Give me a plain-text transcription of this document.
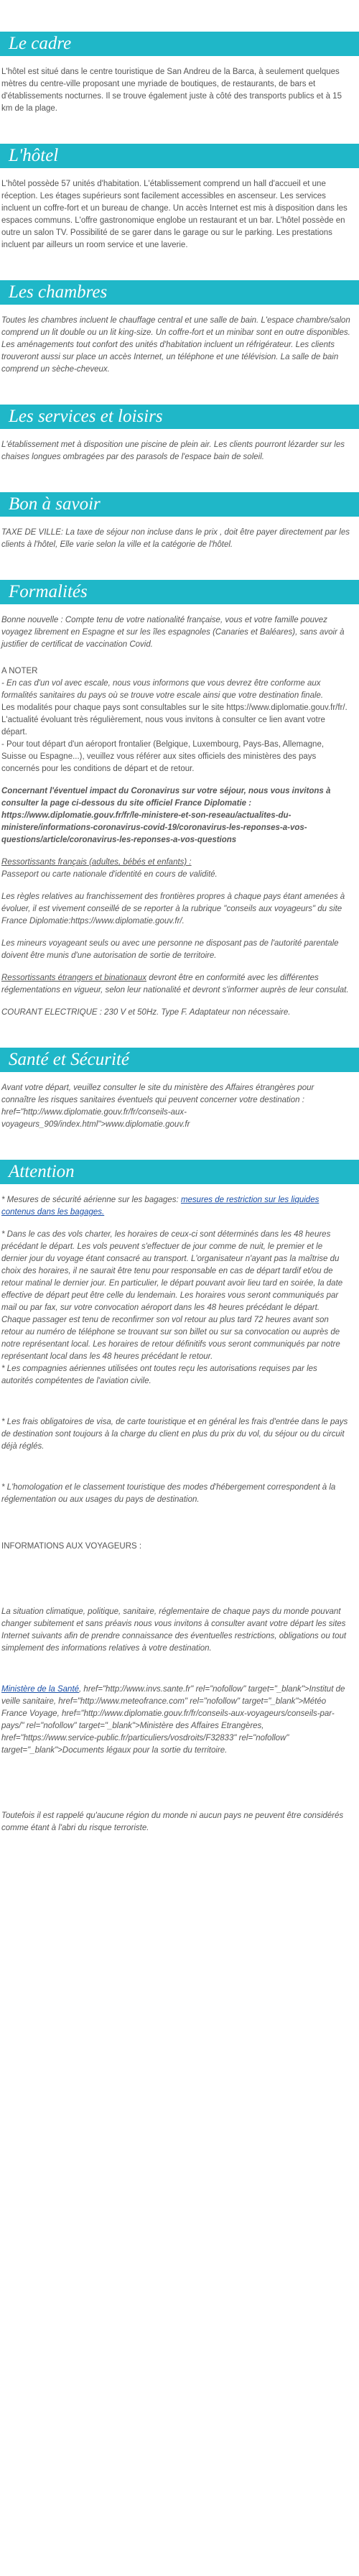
Le cadre

L'hôtel est situé dans le centre touristique de San Andreu de la Barca, à seulement quelques mètres du centre-ville proposant une myriade de boutiques, de restaurants, de bars et d'établissements nocturnes. Il se trouve également juste à côté des transports publics et à 15 km de la plage.

L'hôtel

L'hôtel possède 57 unités d'habitation. L'établissement comprend un hall d'accueil et une réception. Les étages supérieurs sont facilement accessibles en ascenseur. Les services incluent un coffre-fort et un bureau de change. Un accès Internet est mis à disposition dans les espaces communs. L'offre gastronomique englobe un restaurant et un bar. L'hôtel possède en outre un salon TV. Possibilité de se garer dans le garage ou sur le parking. Les prestations incluent par ailleurs un room service et une laverie.

Les chambres

Toutes les chambres incluent le chauffage central et une salle de bain. L'espace chambre/salon comprend un lit double ou un lit king-size. Un coffre-fort et un minibar sont en outre disponibles. Les aménagements tout confort des unités d'habitation incluent un réfrigérateur. Les clients trouveront aussi sur place un accès Internet, un téléphone et une télévision. La salle de bain comprend un sèche-cheveux.

Les services et loisirs

L'établissement met à disposition une piscine de plein air. Les clients pourront lézarder sur les chaises longues ombragées par des parasols de l'espace bain de soleil.

Bon à savoir

TAXE DE VILLE: La taxe de séjour non incluse dans le prix , doit être payer directement par les clients à l'hôtel, Elle varie selon la ville et la catégorie de l'hôtel.

Formalités

Bonne nouvelle : Compte tenu de votre nationalité française, vous et votre famille pouvez voyagez librement en Espagne et sur les îles espagnoles (Canaries et Baléares), sans avoir à justifier de certificat de vaccination Covid.

A NOTER
- En cas d'un vol avec escale, nous vous informons que vous devrez être conforme aux formalités sanitaires du pays où se trouve votre escale ainsi que votre destination finale.
Les modalités pour chaque pays sont consultables sur le site https://www.diplomatie.gouv.fr/fr/. L'actualité évoluant très régulièrement, nous vous invitons à consulter ce lien avant votre départ.

- Pour tout départ d'un aéroport frontalier (Belgique, Luxembourg, Pays-Bas, Allemagne, Suisse ou Espagne...), veuillez vous référer aux sites officiels des ministères des pays concernés pour les conditions de départ et de retour.

Concernant l'éventuel impact du Coronavirus sur votre séjour, nous vous invitons à consulter la page ci-dessous du site officiel France Diplomatie : https://www.diplomatie.gouv.fr/fr/le-ministere-et-son-reseau/actualites-du-ministere/informations-coronavirus-covid-19/coronavirus-les-reponses-a-vos-questions/article/coronavirus-les-reponses-a-vos-questions

Ressortissants français (adultes, bébés et enfants) :

Passeport ou carte nationale d'identité en cours de validité.

Les règles relatives au franchissement des frontières propres à chaque pays étant amenées à évoluer, il est vivement conseillé de se reporter à la rubrique "conseils aux voyageurs" du site France Diplomatie:https://www.diplomatie.gouv.fr/.

Les mineurs voyageant seuls ou avec une personne ne disposant pas de l'autorité parentale doivent être munis d'une autorisation de sortie de territoire.

Ressortissants étrangers et binationaux devront être en conformité avec les différentes réglementations en vigueur, selon leur nationalité et devront s'informer auprès de leur consulat.

COURANT ELECTRIQUE : 230 V et 50Hz. Type F. Adaptateur non nécessaire.

Santé et Sécurité

Avant votre départ, veuillez consulter le site du ministère des Affaires étrangères pour connaître les risques sanitaires éventuels qui peuvent concerner votre destination : href="http://www.diplomatie.gouv.fr/fr/conseils-aux-voyageurs_909/index.html">www.diplomatie.gouv.fr

Attention

* Mesures de sécurité aérienne sur les bagages: mesures de restriction sur les liquides contenus dans les bagages.

* Dans le cas des vols charter, les horaires de ceux-ci sont déterminés dans les 48 heures précédant le départ. Les vols peuvent s'effectuer de jour comme de nuit, le premier et le dernier jour du voyage étant consacré au transport. L'organisateur n'ayant pas la maîtrise du choix des horaires, il ne saurait être tenu pour responsable en cas de départ tardif et/ou de retour matinal le dernier jour. En particulier, le départ pouvant avoir lieu tard en soirée, la date effective de départ peut être celle du lendemain. Les horaires vous seront communiqués par mail ou par fax, sur votre convocation aéroport dans les 48 heures précédant le départ. Chaque passager est tenu de reconfirmer son vol retour au plus tard 72 heures avant son retour au numéro de téléphone se trouvant sur son billet ou sur sa convocation ou auprès de notre représentant local. Les horaires de retour définitifs vous seront communiqués par notre représentant local dans les 48 heures précédant le retour.

* Les compagnies aériennes utilisées ont toutes reçu les autorisations requises par les autorités compétentes de l'aviation civile.

* Les frais obligatoires de visa, de carte touristique et en général les frais d'entrée dans le pays de destination sont toujours à la charge du client en plus du prix du vol, du séjour ou du circuit déjà réglés.

* L'homologation et le classement touristique des modes d'hébergement correspondent à la réglementation ou aux usages du pays de destination.

INFORMATIONS AUX VOYAGEURS :

La situation climatique, politique, sanitaire, réglementaire de chaque pays du monde pouvant changer subitement et sans préavis nous vous invitons à consulter avant votre départ les sites Internet suivants afin de prendre connaissance des éventuelles restrictions, obligations ou tout simplement des informations relatives à votre destination.

Ministère de la Santé, href="http://www.invs.sante.fr" rel="nofollow" target="_blank">Institut de veille sanitaire, href="http://www.meteofrance.com" rel="nofollow" target="_blank">Météo France Voyage, href="http://www.diplomatie.gouv.fr/fr/conseils-aux-voyageurs/conseils-par-pays/" rel="nofollow" target="_blank">Ministère des Affaires Etrangères, href="https://www.service-public.fr/particuliers/vosdroits/F32833" rel="nofollow" target="_blank">Documents légaux pour la sortie du territoire.

Toutefois il est rappelé qu'aucune région du monde ni aucun pays ne peuvent être considérés comme étant à l'abri du risque terroriste.
